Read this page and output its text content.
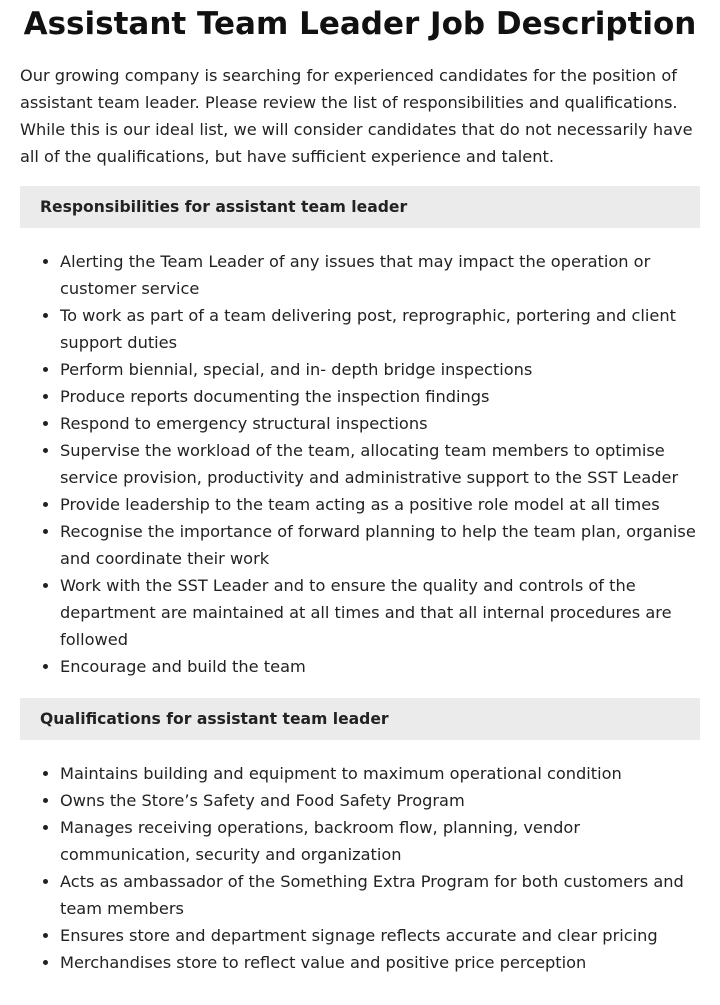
Assistant Team Leader Job Description

Our growing company is searching for experienced candidates for the position of assistant team leader. Please review the list of responsibilities and qualifications. While this is our ideal list, we will consider candidates that do not necessarily have all of the qualifications, but have sufficient experience and talent.

Responsibilities for assistant team leader
• Alerting the Team Leader of any issues that may impact the operation or customer service
• To work as part of a team delivering post, reprographic, portering and client support duties
• Perform biennial, special, and in- depth bridge inspections
• Produce reports documenting the inspection findings
• Respond to emergency structural inspections
• Supervise the workload of the team, allocating team members to optimise service provision, productivity and administrative support to the SST Leader
• Provide leadership to the team acting as a positive role model at all times
• Recognise the importance of forward planning to help the team plan, organise and coordinate their work
• Work with the SST Leader and to ensure the quality and controls of the department are maintained at all times and that all internal procedures are followed
• Encourage and build the team
Qualifications for assistant team leader
• Maintains building and equipment to maximum operational condition
• Owns the Store’s Safety and Food Safety Program
• Manages receiving operations, backroom flow, planning, vendor communication, security and organization
• Acts as ambassador of the Something Extra Program for both customers and team members
• Ensures store and department signage reflects accurate and clear pricing
• Merchandises store to reflect value and positive price perception
